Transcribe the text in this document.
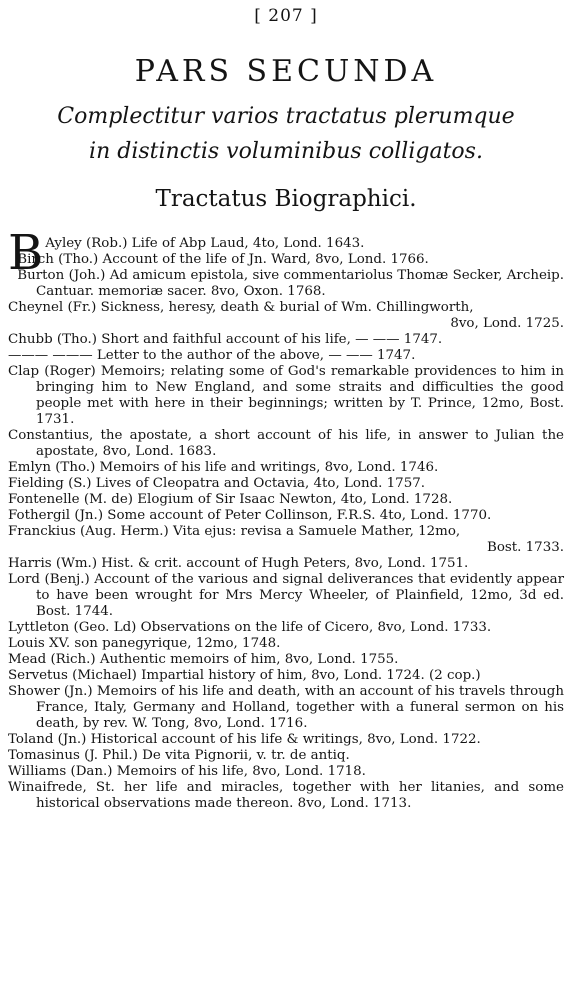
[ 207 ]
PARS SECUNDA
Complectitur varios tractatus plerumque
in distinctis voluminibus colligatos.
Tractatus Biographici.
B Ayley (Rob.) Life of Abp Laud, 4to, Lond. 1643.
Birch (Tho.) Account of the life of Jn. Ward, 8vo, Lond. 1766.
Burton (Joh.) Ad amicum epistola, sive commentariolus Thomæ Secker, Archeip. Cantuar. memoriæ sacer. 8vo, Oxon. 1768.
Cheynel (Fr.) Sickness, heresy, death & burial of Wm. Chillingworth,
8vo, Lond. 1725.
Chubb (Tho.) Short and faithful account of his life, — —— 1747.
——— ——— Letter to the author of the above, — —— 1747.
Clap (Roger) Memoirs; relating some of God's remarkable providences to him in bringing him to New England, and some straits and difficulties the good people met with here in their beginnings; written by T. Prince, 12mo, Bost. 1731.
Constantius, the apostate, a short account of his life, in answer to Julian the apostate, 8vo, Lond. 1683.
Emlyn (Tho.) Memoirs of his life and writings, 8vo, Lond. 1746.
Fielding (S.) Lives of Cleopatra and Octavia, 4to, Lond. 1757.
Fontenelle (M. de) Elogium of Sir Isaac Newton, 4to, Lond. 1728.
Fothergil (Jn.) Some account of Peter Collinson, F.R.S. 4to, Lond. 1770.
Franckius (Aug. Herm.) Vita ejus: revisa a Samuele Mather, 12mo,
Bost. 1733.
Harris (Wm.) Hist. & crit. account of Hugh Peters, 8vo, Lond. 1751.
Lord (Benj.) Account of the various and signal deliverances that evidently appear to have been wrought for Mrs Mercy Wheeler, of Plainfield, 12mo, 3d ed. Bost. 1744.
Lyttleton (Geo. Ld) Observations on the life of Cicero, 8vo, Lond. 1733.
Louis XV. son panegyrique, 12mo, 1748.
Mead (Rich.) Authentic memoirs of him, 8vo, Lond. 1755.
Servetus (Michael) Impartial history of him, 8vo, Lond. 1724. (2 cop.)
Shower (Jn.) Memoirs of his life and death, with an account of his travels through France, Italy, Germany and Holland, together with a funeral sermon on his death, by rev. W. Tong, 8vo, Lond. 1716.
Toland (Jn.) Historical account of his life & writings, 8vo, Lond. 1722.
Tomasinus (J. Phil.) De vita Pignorii, v. tr. de antiq.
Williams (Dan.) Memoirs of his life, 8vo, Lond. 1718.
Winaifrede, St. her life and miracles, together with her litanies, and some historical observations made thereon. 8vo, Lond. 1713.
